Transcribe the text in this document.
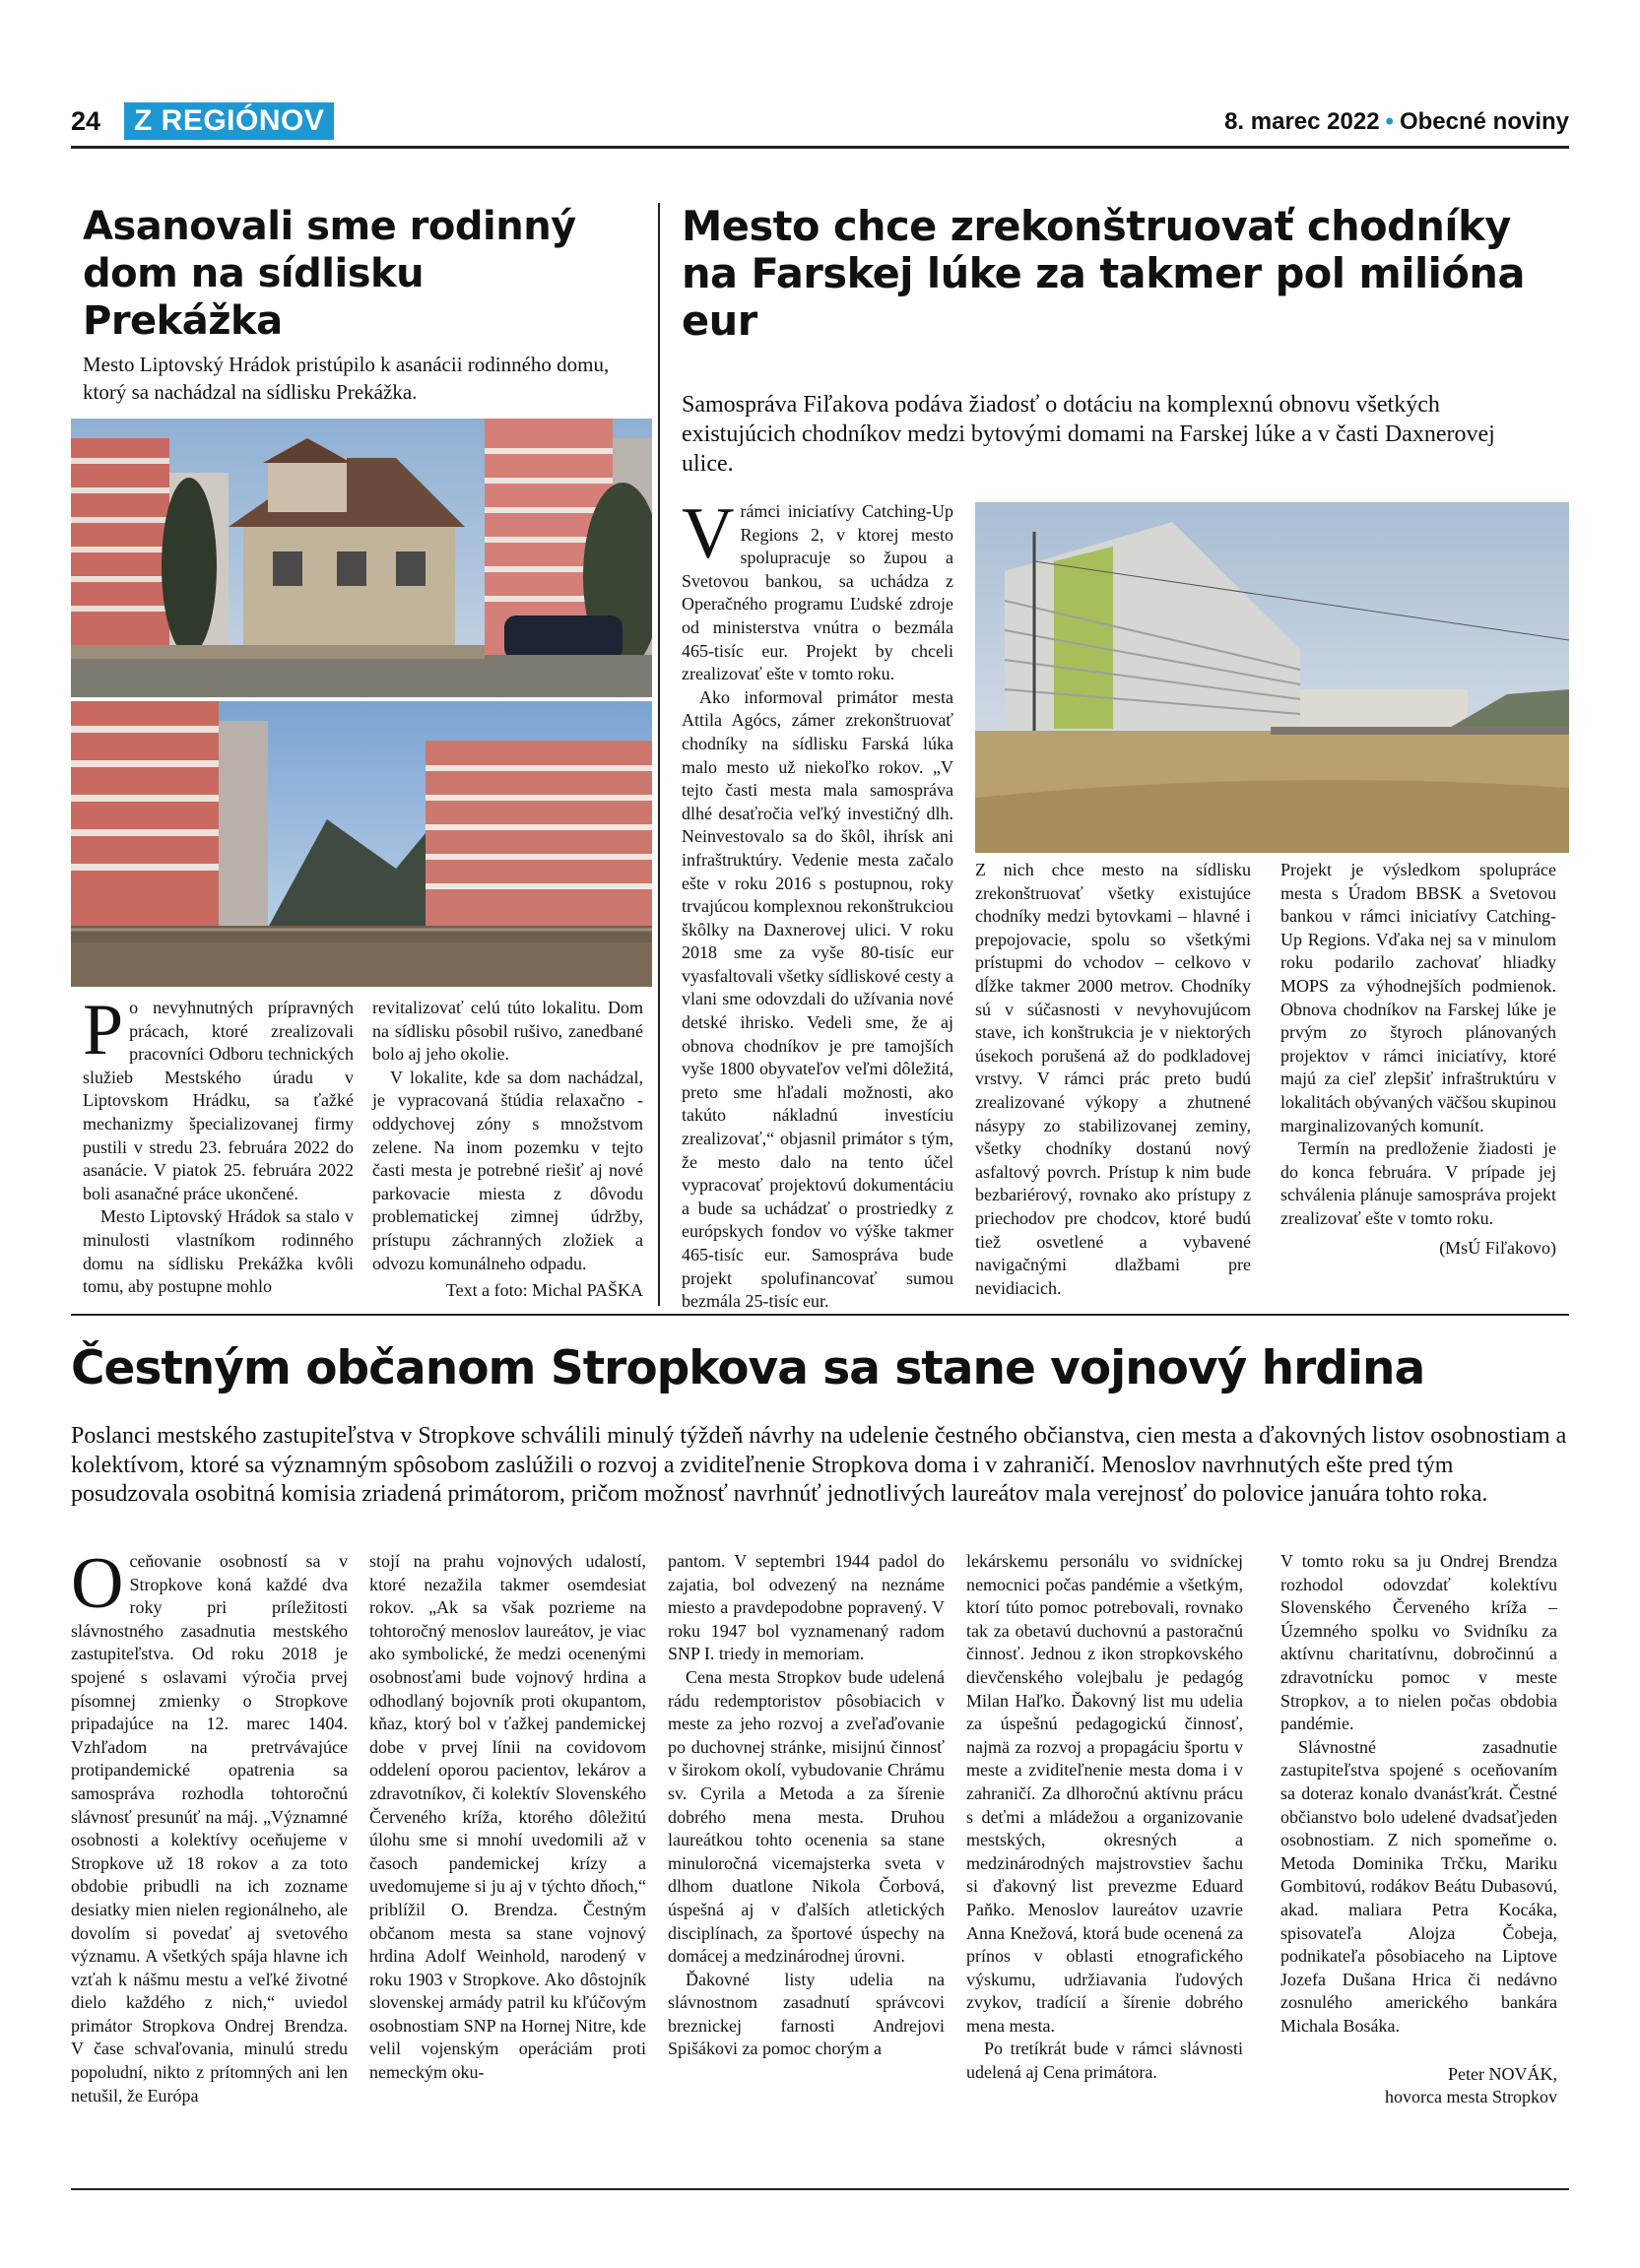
24	Z REGIÓNOV	8. marec 2022 • Obecné noviny
Asanovali sme rodinný dom na sídlisku Prekážka
Mesto Liptovský Hrádok pristúpilo k asanácii rodinného domu, ktorý sa nachádzal na sídlisku Prekážka.

Po nevyhnutných prípravných prácach, ktoré zrealizovali pracovníci Odboru technických služieb Mestského úradu v Liptovskom Hrádku, sa ťažké mechanizmy špecializovanej firmy pustili v stredu 23. februára 2022 do asanácie. V piatok 25. februára 2022 boli asanačné práce ukončené.

Mesto Liptovský Hrádok sa stalo v minulosti vlastníkom rodinného domu na sídlisku Prekážka kvôli tomu, aby postupne mohlo

revitalizovať celú túto lokalitu. Dom na sídlisku pôsobil rušivo, zanedbané bolo aj jeho okolie.

V lokalite, kde sa dom nachádzal, je vypracovaná štúdia relaxačno - oddychovej zóny s množstvom zelene. Na inom pozemku v tejto časti mesta je potrebné riešiť aj nové parkovacie miesta z dôvodu problematickej zimnej údržby, prístupu záchranných zložiek a odvozu komunálneho odpadu.

Text a foto: Michal PAŠKA
Mesto chce zrekonštruovať chodníky na Farskej lúke za takmer pol milióna eur
Samospráva Fiľakova podáva žiadosť o dotáciu na komplexnú obnovu všetkých existujúcich chodníkov medzi bytovými domami na Farskej lúke a v časti Daxnerovej ulice.

Vrámci iniciatívy Catching-Up Regions 2, v ktorej mesto spolupracuje so župou a Svetovou bankou, sa uchádza z Operačného programu Ľudské zdroje od ministerstva vnútra o bezmála 465-tisíc eur. Projekt by chceli zrealizovať ešte v tomto roku.

Ako informoval primátor mesta Attila Agócs, zámer zrekonštruovať chodníky na sídlisku Farská lúka malo mesto už niekoľko rokov. „V tejto časti mesta mala samospráva dlhé desaťročia veľký investičný dlh. Neinvestovalo sa do škôl, ihrísk ani infraštruktúry. Vedenie mesta začalo ešte v roku 2016 s postupnou, roky trvajúcou komplexnou rekonštrukciou škôlky na Daxnerovej ulici. V roku 2018 sme za vyše 80-tisíc eur vyasfaltovali všetky sídliskové cesty a vlani sme odovzdali do užívania nové detské ihrisko. Vedeli sme, že aj obnova chodníkov je pre tamojších vyše 1800 obyvateľov veľmi dôležitá, preto sme hľadali možnosti, ako takúto nákladnú investíciu zrealizovať,“ objasnil primátor s tým, že mesto dalo na tento účel vypracovať projektovú dokumentáciu a bude sa uchádzať o prostriedky z európskych fondov vo výške takmer 465-tisíc eur. Samospráva bude projekt spolufinancovať sumou bezmála 25-tisíc eur.

Z nich chce mesto na sídlisku zrekonštruovať všetky existujúce chodníky medzi bytovkami – hlavné i prepojovacie, spolu so všetkými prístupmi do vchodov – celkovo v dĺžke takmer 2000 metrov. Chodníky sú v súčasnosti v nevyhovujúcom stave, ich konštrukcia je v niektorých úsekoch porušená až do podkladovej vrstvy. V rámci prác preto budú zrealizované výkopy a zhutnené násypy zo stabilizovanej zeminy, všetky chodníky dostanú nový asfaltový povrch. Prístup k nim bude bezbariérový, rovnako ako prístupy z priechodov pre chodcov, ktoré budú tiež osvetlené a vybavené navigačnými dlažbami pre nevidiacich.

Projekt je výsledkom spolupráce mesta s Úradom BBSK a Svetovou bankou v rámci iniciatívy Catching-Up Regions. Vďaka nej sa v minulom roku podarilo zachovať hliadky MOPS za výhodnejších podmienok. Obnova chodníkov na Farskej lúke je prvým zo štyroch plánovaných projektov v rámci iniciatívy, ktoré majú za cieľ zlepšiť infraštruktúru v lokalitách obývaných väčšou skupinou marginalizovaných komunít.

Termín na predloženie žiadosti je do konca februára. V prípade jej schválenia plánuje samospráva projekt zrealizovať ešte v tomto roku.

(MsÚ Fiľakovo)
Čestným občanom Stropkova sa stane vojnový hrdina
Poslanci mestského zastupiteľstva v Stropkove schválili minulý týždeň návrhy na udelenie čestného občianstva, cien mesta a ďakovných listov osobnostiam a kolektívom, ktoré sa významným spôsobom zaslúžili o rozvoj a zviditeľnenie Stropkova doma i v zahraničí. Menoslov navrhnutých ešte pred tým posudzovala osobitná komisia zriadená primátorom, pričom možnosť navrhnúť jednotlivých laureátov mala verejnosť do polovice januára tohto roka.

Oceňovanie osobností sa v Stropkove koná každé dva roky pri príležitosti slávnostného zasadnutia mestského zastupiteľstva. Od roku 2018 je spojené s oslavami výročia prvej písomnej zmienky o Stropkove pripadajúce na 12. marec 1404. Vzhľadom na pretrvávajúce protipandemické opatrenia sa samospráva rozhodla tohtoročnú slávnosť presunúť na máj. „Významné osobnosti a kolektívy oceňujeme v Stropkove už 18 rokov a za toto obdobie pribudli na ich zozname desiatky mien nielen regionálneho, ale dovolím si povedať aj svetového významu. A všetkých spája hlavne ich vzťah k nášmu mestu a veľké životné dielo každého z nich,“ uviedol primátor Stropkova Ondrej Brendza. V čase schvaľovania, minulú stredu popoludní, nikto z prítomných ani len netušil, že Európa

stojí na prahu vojnových udalostí, ktoré nezažila takmer osemdesiat rokov. „Ak sa však pozrieme na tohtoročný menoslov laureátov, je viac ako symbolické, že medzi ocenenými osobnosťami bude vojnový hrdina a odhodlaný bojovník proti okupantom, kňaz, ktorý bol v ťažkej pandemickej dobe v prvej línii na covidovom oddelení oporou pacientov, lekárov a zdravotníkov, či kolektív Slovenského Červeného kríža, ktorého dôležitú úlohu sme si mnohí uvedomili až v časoch pandemickej krízy a uvedomujeme si ju aj v týchto dňoch,“ priblížil O. Brendza. Čestným občanom mesta sa stane vojnový hrdina Adolf Weinhold, narodený v roku 1903 v Stropkove. Ako dôstojník slovenskej armády patril ku kľúčovým osobnostiam SNP na Hornej Nitre, kde velil vojenským operáciám proti nemeckým oku-

pantom. V septembri 1944 padol do zajatia, bol odvezený na neznáme miesto a pravdepodobne popravený. V roku 1947 bol vyznamenaný radom SNP I. triedy in memoriam.

Cena mesta Stropkov bude udelená rádu redemptoristov pôsobiacich v meste za jeho rozvoj a zveľaďovanie po duchovnej stránke, misijnú činnosť v širokom okolí, vybudovanie Chrámu sv. Cyrila a Metoda a za šírenie dobrého mena mesta. Druhou laureátkou tohto ocenenia sa stane minuloročná vicemajsterka sveta v dlhom duatlone Nikola Čorbová, úspešná aj v ďalších atletických disciplínach, za športové úspechy na domácej a medzinárodnej úrovni.

Ďakovné listy udelia na slávnostnom zasadnutí správcovi breznickej farnosti Andrejovi Spišákovi za pomoc chorým a

lekárskemu personálu vo svidníckej nemocnici počas pandémie a všetkým, ktorí túto pomoc potrebovali, rovnako tak za obetavú duchovnú a pastoračnú činnosť. Jednou z ikon stropkovského dievčenského volejbalu je pedagóg Milan Haľko. Ďakovný list mu udelia za úspešnú pedagogickú činnosť, najmä za rozvoj a propagáciu športu v meste a zviditeľnenie mesta doma i v zahraničí. Za dlhoročnú aktívnu prácu s deťmi a mládežou a organizovanie mestských, okresných a medzinárodných majstrovstiev šachu si ďakovný list prevezme Eduard Paňko. Menoslov laureátov uzavrie Anna Knežová, ktorá bude ocenená za prínos v oblasti etnografického výskumu, udržiavania ľudových zvykov, tradícií a šírenie dobrého mena mesta.

Po tretíkrát bude v rámci slávnosti udelená aj Cena primátora.

V tomto roku sa ju Ondrej Brendza rozhodol odovzdať kolektívu Slovenského Červeného kríža – Územného spolku vo Svidníku za aktívnu charitatívnu, dobročinnú a zdravotnícku pomoc v meste Stropkov, a to nielen počas obdobia pandémie.

Slávnostné zasadnutie zastupiteľstva spojené s oceňovaním sa doteraz konalo dvanásťkrát. Čestné občianstvo bolo udelené dvadsaťjeden osobnostiam. Z nich spomeňme o. Metoda Dominika Trčku, Mariku Gombitovú, rodákov Beátu Dubasovú, akad. maliara Petra Kocáka, spisovateľa Alojza Čobeja, podnikateľa pôsobiaceho na Liptove Jozefa Dušana Hrica či nedávno zosnulého amerického bankára Michala Bosáka.

Peter NOVÁK,
hovorca mesta Stropkov
